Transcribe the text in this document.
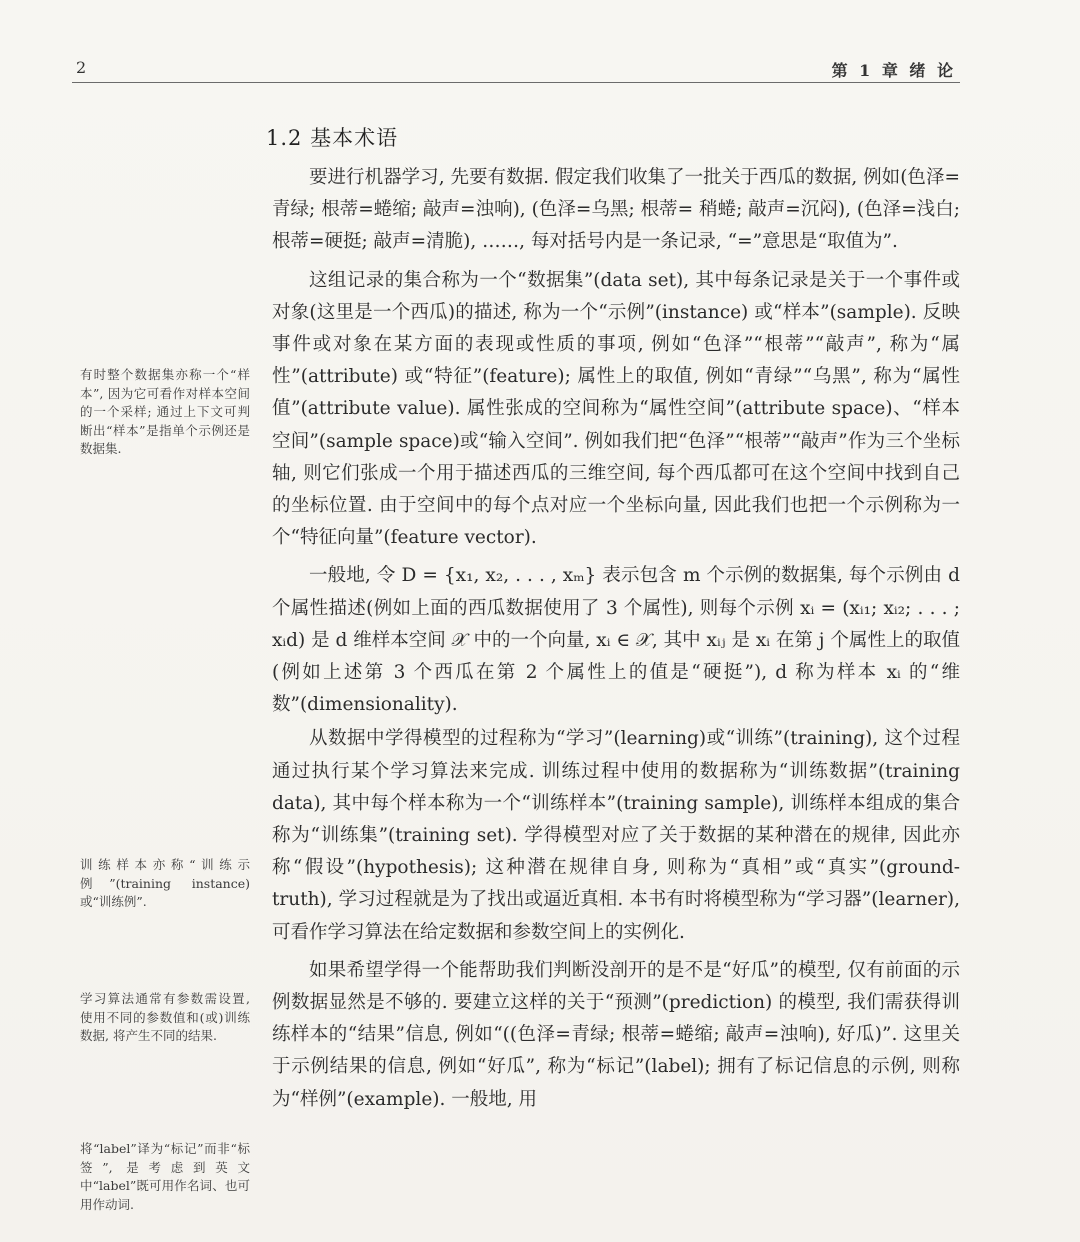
2	第 1 章 绪 论
1.2 基本术语

要进行机器学习, 先要有数据. 假定我们收集了一批关于西瓜的数据, 例如(色泽=青绿; 根蒂=蜷缩; 敲声=浊响), (色泽=乌黑; 根蒂= 稍蜷; 敲声=沉闷), (色泽=浅白; 根蒂=硬挺; 敲声=清脆), ……, 每对括号内是一条记录, “=”意思是“取值为”.

这组记录的集合称为一个“数据集”(data set), 其中每条记录是关于一个事件或对象(这里是一个西瓜)的描述, 称为一个“示例”(instance) 或“样本”(sample). 反映事件或对象在某方面的表现或性质的事项, 例如“色泽”“根蒂”“敲声”, 称为“属性”(attribute) 或“特征”(feature); 属性上的取值, 例如“青绿”“乌黑”, 称为“属性值”(attribute value). 属性张成的空间称为“属性空间”(attribute space)、“样本空间”(sample space)或“输入空间”. 例如我们把“色泽”“根蒂”“敲声”作为三个坐标轴, 则它们张成一个用于描述西瓜的三维空间, 每个西瓜都可在这个空间中找到自己的坐标位置. 由于空间中的每个点对应一个坐标向量, 因此我们也把一个示例称为一个“特征向量”(feature vector).

一般地, 令 D = {x₁, x₂, . . . , xₘ} 表示包含 m 个示例的数据集, 每个示例由 d 个属性描述(例如上面的西瓜数据使用了 3 个属性), 则每个示例 xᵢ = (xᵢ₁; xᵢ₂; . . . ; xᵢd) 是 d 维样本空间 𝒳 中的一个向量, xᵢ ∈ 𝒳, 其中 xᵢⱼ 是 xᵢ 在第 j 个属性上的取值(例如上述第 3 个西瓜在第 2 个属性上的值是“硬挺”), d 称为样本 xᵢ 的“维数”(dimensionality).

从数据中学得模型的过程称为“学习”(learning)或“训练”(training), 这个过程通过执行某个学习算法来完成. 训练过程中使用的数据称为“训练数据”(training data), 其中每个样本称为一个“训练样本”(training sample), 训练样本组成的集合称为“训练集”(training set). 学得模型对应了关于数据的某种潜在的规律, 因此亦称“假设”(hypothesis); 这种潜在规律自身, 则称为“真相”或“真实”(ground-truth), 学习过程就是为了找出或逼近真相. 本书有时将模型称为“学习器”(learner), 可看作学习算法在给定数据和参数空间上的实例化.

如果希望学得一个能帮助我们判断没剖开的是不是“好瓜”的模型, 仅有前面的示例数据显然是不够的. 要建立这样的关于“预测”(prediction) 的模型, 我们需获得训练样本的“结果”信息, 例如“((色泽=青绿; 根蒂=蜷缩; 敲声=浊响), 好瓜)”. 这里关于示例结果的信息, 例如“好瓜”, 称为“标记”(label); 拥有了标记信息的示例, 则称为“样例”(example). 一般地, 用

有时整个数据集亦称一个“样本”, 因为它可看作对样本空间的一个采样; 通过上下文可判断出“样本”是指单个示例还是数据集.
训练样本亦称“训练示例”(training instance) 或“训练例”.
学习算法通常有参数需设置, 使用不同的参数值和(或)训练数据, 将产生不同的结果.
将“label”译为“标记”而非“标签”, 是考虑到英文中“label”既可用作名词、也可用作动词.
